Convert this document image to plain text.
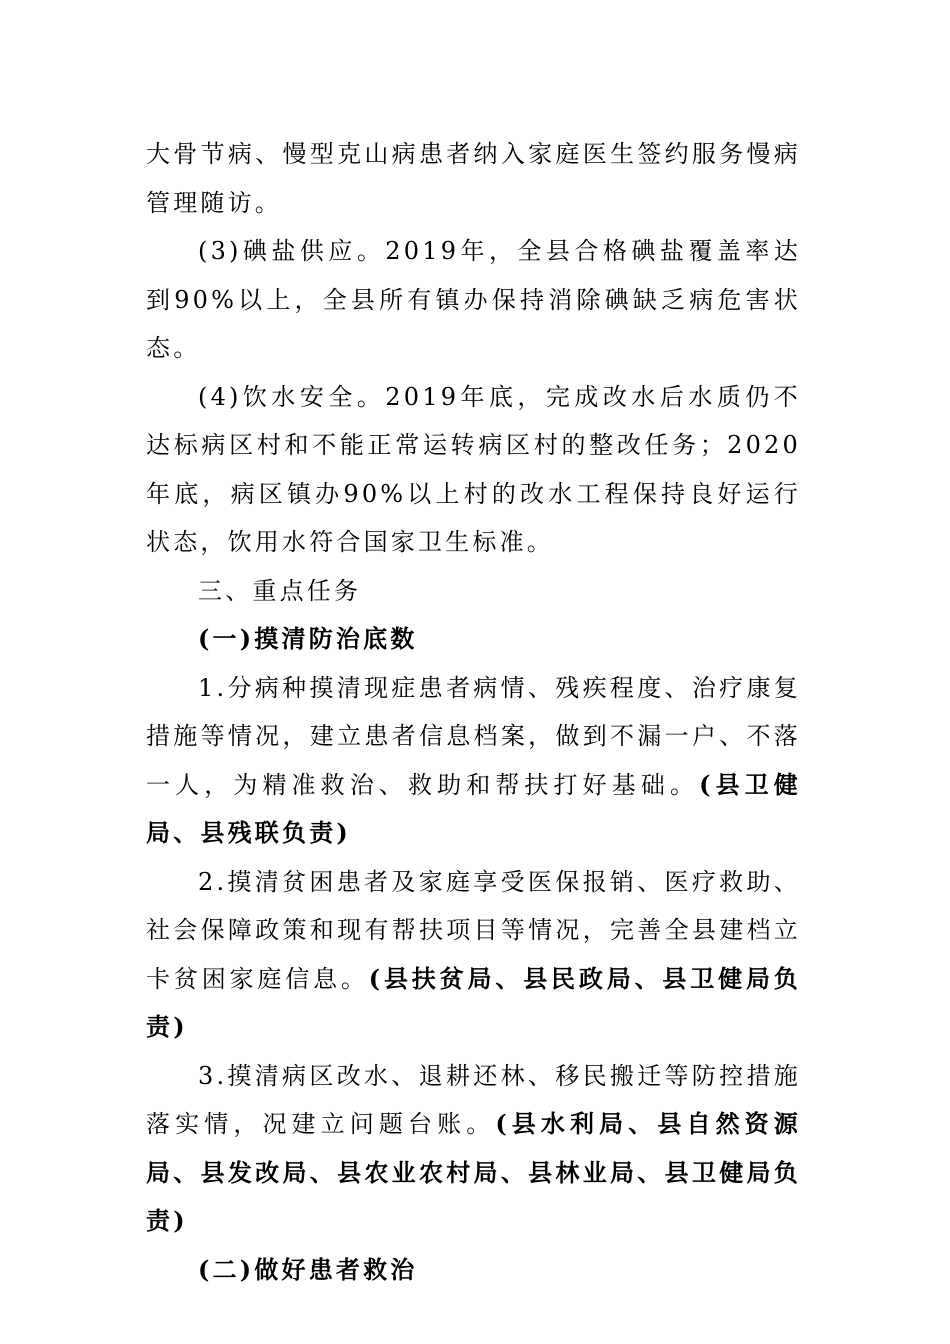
大骨节病、慢型克山病患者纳入家庭医生签约服务慢病管理随访。

(3)碘盐供应。2019年，全县合格碘盐覆盖率达到90%以上，全县所有镇办保持消除碘缺乏病危害状态。

(4)饮水安全。2019年底，完成改水后水质仍不达标病区村和不能正常运转病区村的整改任务；2020年底，病区镇办90%以上村的改水工程保持良好运行状态，饮用水符合国家卫生标准。

三、重点任务

(一)摸清防治底数

1.分病种摸清现症患者病情、残疾程度、治疗康复措施等情况，建立患者信息档案，做到不漏一户、不落一人，为精准救治、救助和帮扶打好基础。(县卫健局、县残联负责)

2.摸清贫困患者及家庭享受医保报销、医疗救助、社会保障政策和现有帮扶项目等情况，完善全县建档立卡贫困家庭信息。(县扶贫局、县民政局、县卫健局负责)

3.摸清病区改水、退耕还林、移民搬迁等防控措施落实情，况建立问题台账。(县水利局、县自然资源局、县发改局、县农业农村局、县林业局、县卫健局负责)

(二)做好患者救治
